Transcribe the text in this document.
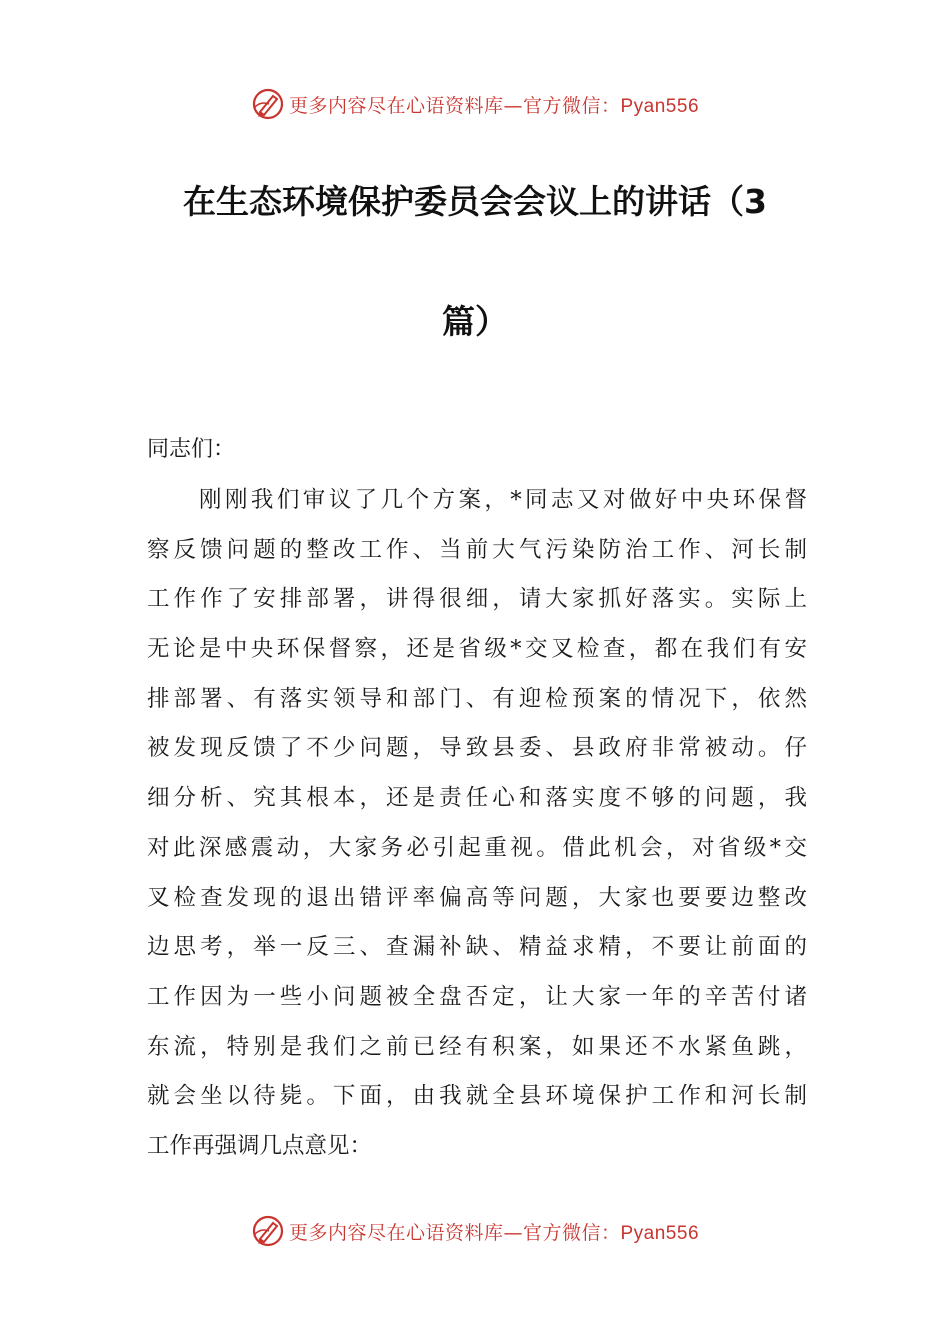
更多内容尽在心语资料库—官方微信：Pyan556
在生态环境保护委员会会议上的讲话（3
篇）

同志们：

刚刚我们审议了几个方案，*同志又对做好中央环保督

察反馈问题的整改工作、当前大气污染防治工作、河长制

工作作了安排部署，讲得很细，请大家抓好落实。实际上

无论是中央环保督察，还是省级*交叉检查，都在我们有安

排部署、有落实领导和部门、有迎检预案的情况下，依然

被发现反馈了不少问题，导致县委、县政府非常被动。仔

细分析、究其根本，还是责任心和落实度不够的问题，我

对此深感震动，大家务必引起重视。借此机会，对省级*交

叉检查发现的退出错评率偏高等问题，大家也要要边整改

边思考，举一反三、查漏补缺、精益求精，不要让前面的

工作因为一些小问题被全盘否定，让大家一年的辛苦付诸

东流，特别是我们之前已经有积案，如果还不水紧鱼跳，

就会坐以待毙。下面，由我就全县环境保护工作和河长制

工作再强调几点意见：

更多内容尽在心语资料库—官方微信：Pyan556
